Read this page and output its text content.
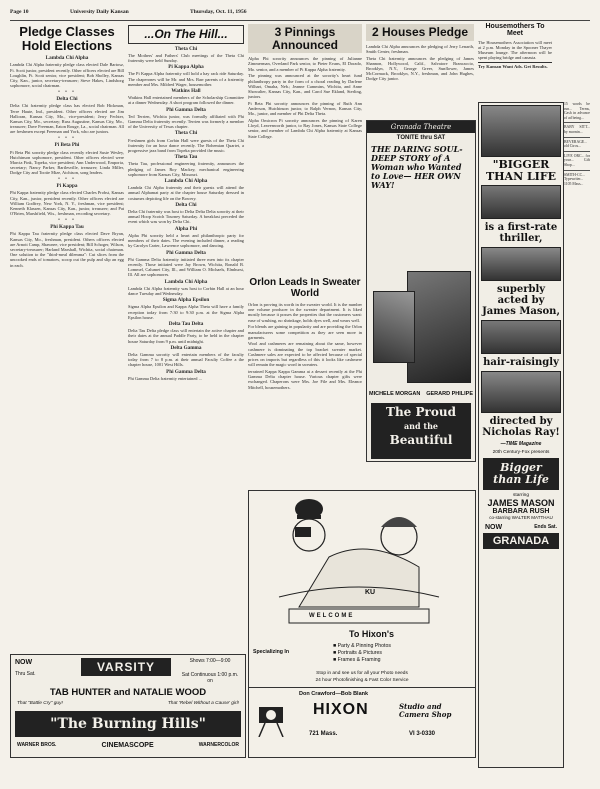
Page 10	University Daily Kansan	Thursday, Oct. 11, 1956
Pledge Classes Hold Elections
Lambda Chi Alpha

Lambda Chi Alpha fraternity pledge class elected Dale Bartosz, Ft. Scott junior, president recently. Other officers elected are Bill Loughlin, Ft. Scott senior, vice president; Bob Sholley, Kansas City, Kan., junior, secretary-treasurer; Steve Hakes, Lindsborg sophomore, social chairman.

• • •
Delta Chi

Delta Chi fraternity pledge class has elected Bob Hickman, Terre Haute, Ind., president. Other officers elected are Jim Halloran, Kansas City, Mo., vice-president; Jerry Fechter, Kansas City, Mo., secretary; Russ Augustine, Kansas City, Mo., treasurer; Dave Freeman, Eaton Rouge, La., social chairman. All are freshmen except Freeman and York, who are juniors.

• • •
Pi Beta Phi

Pi Beta Phi sorority pledge class recently elected Susie Wesley, Hutchinson sophomore, president. Other officers elected were Marcia Fink, Topeka, vice president; Ann Underwood, Emporia, secretary; Nancy Parker, Bartlesville, treasurer; Linda Miller, Dodge City and Tootie Mize, Atchison, song leaders.

• • •
Pi Kappa

Phi Kappa fraternity pledge class elected Charles Probst, Kansas City, Kan., junior, president recently. Other officers elected are William Godfrey, New York, N. Y., freshman, vice president; Kenneth Klassen, Kansas City, Kan., junior, treasurer; and Pat O'Brien, Marshfield, Wis., freshman, recording secretary.

• • •
Phi Kappa Tau

Phi Kappa Tau fraternity pledge class elected Dave Bryan, Kansas City, Mo., freshman, president. Others officers elected are Arnott Camp, Shawnee, vice president; Bill Schoger, Wilson, secretary-treasurer; Harland Marshall, Wichita, social chairman. One solution to the "third-meal dilemma": Cut slices from the uncooked ends of tomatoes, scoop out the pulp and slip an egg in each.

...On The Hill...
Theta Chi

The Mothers' and Fathers' Club meetings of the Theta Chi fraternity were held Sunday.

Pi Kappa Alpha

The Pi Kappa Alpha fraternity will hold a hay rack ride Saturday. The chaperones will be Mr. and Mrs. Barr parents of a fraternity member and Mrs. Mildred Wager, housemother.

Watkins Hall

Watkins Hall entertained members of the Scholarship Committee at a dinner Wednesday. A short program followed the dinner.

Phi Gamma Delta

Ted Terrien, Wichita junior, was formally affiliated with Phi Gamma Delta fraternity recently. Terrien was formerly a member of the University of Texas chapter.

Theta Chi

Freshmen girls from Corbin Hall were guests of the Theta Chi fraternity for an hour dance recently. The Bohemian Quartet, a progressive jazz band from Topeka provided the music.

Theta Tau

Theta Tau, professional engineering fraternity, announces the pledging of James Roy Mackey, mechanical engineering sophomore from Kansas City, Missouri.

Lambda Chi Alpha

Lambda Chi Alpha fraternity and their guests will attend the annual Alphamat party at the chapter house Saturday dressed in costumes depicting life on the Bowery.

Delta Chi

Delta Chi fraternity was host to Delta Delta Delta sorority at their annual Hoop Scotch Tourney Saturday. A breakfast preceded the event which was won by Delta Chi.

Alpha Phi

Alpha Phi sorority held a heart and philanthropic party for members of their dates. The evening included dinner, a reading by Carolyn Carter, Lawrence sophomore, and dancing.

Phi Gamma Delta

Phi Gamma Delta fraternity initiated three men into its chapter recently. Those initiated were Jay Brown, Wichita, Ronald B. Lommel, Calumet City, Ill., and William O. Michaels, Elmhurst, Ill. All are sophomores.

Lambda Chi Alpha

Lambda Chi Alpha fraternity was host to Corbin Hall at an hour dance Tuesday and Wednesday.

Sigma Alpha Epsilon

Sigma Alpha Epsilon and Kappa Alpha Theta will have a family reception today from 7:30 to 9:30 p.m. at the Sigma Alpha Epsilon house.

Delta Tau Delta

Delta Tau Delta pledge class will entertain the active chapter and their dates at the annual Paddle Party, to be held in the chapter house Saturday from 9 p.m. until midnight.

Delta Gamma

Delta Gamma sorority will entertain members of the faculty today from 7 to 8 p.m. at their annual Faculty Coffee a the chapter house, 1001 West Hills.

Phi Gamma Delta

Phi Gamma Delta fraternity entertained ...

3 Pinnings Announced

Alpha Phi sorority announces the pinning of Julianne Zimmerman, Overland Park senior, to Pieter Evans, El Dorado, Mo. senior, and a member of Pi Kappa Alpha fraternity.

The pinning was announced at the sorority's heart fund philanthropy party in the form of a choral reading by Darlene Wilhart, Omaha, Neb.; Jeanne Cummins, Wichita, and Anne Showalter, Kansas City, Kan., and Carol Sue Ekland, Sterling, juniors.

Pi Beta Phi sorority announces the pinning of Ruth Ann Anderson, Hutchinson junior, to Ralph Vernon, Kansas City, Mo., junior, and member of Phi Delta Theta.

Alpha Omicron Pi sorority announces the pinning of Karen Lloyd, Leavenworth junior, to Ray Jones, Kansas State College senior, and member of Lambda Chi Alpha fraternity at Kansas State College.

2 Houses Pledge

Lambda Chi Alpha announces the pledging of Jerry Lenarth, Smith Center, freshman.

Theta Chi fraternity announces the pledging of James Shannon, Hollywood, Calif., Salvatore Brancaccio, Brooklyn, N.Y., George Greer, Sunflower, James McCormack, Brooklyn, N.Y., freshman, and John Hughes, Dodge City junior.

Granada Theatre
TONITE thru SAT
THE DARING SOUL-DEEP STORY of A Woman who Wanted to Love— HER OWN WAY!
MICHELE MORGAN GERARD PHILIPE
The Proud
and the
Beautiful
Orlon Leads In Sweater World

Orlon is proving its worth in the sweater world. It is the number one volume producer in the sweater department. It is liked mostly because it posses the properties that the customers want: ease of washing, no shrinkage, holds dyes well, and wears well.

For blends are gaining in popularity and are providing the Orlon manufacturers some competition as they are seen more in garments.

Wool and cashmeres are remaining about the same, however cashmere is dominating the top bracket sweater market. Cashmere sales are expected to be affected because of special prices on imports but regardless of this it looks like cashmere will remain the magic word in sweaters.

terrained Kappa Kappa Gamma at a dessert recently at the Phi Gamma Delta chapter house. Various chapter gifts were exchanged. Chaperons were Mrs. Joe File and Mrs. Eleanor Mitchell, housemothers.

Housemothers To Meet

The Housemothers Association will meet at 2 p.m. Monday in the Spooner Thayer Museum lounge. The afternoon will be spent playing bridge and canasta.

Try Kansan Want Ads. Get Results.
"BIGGER THAN LIFE
is a first-rate thriller,
superbly acted by James Mason,
hair-raisingly
directed by Nicholas Ray!
—TIME Magazine
20th Century-Fox presents
Bigger than Life
starring
JAMES MASON
BARBARA RUSH
co-starring WALTER MATTHAU
NOW	Ends Sat.
GRANADA

15 words be run... Terms, Cash in advance of ad being...

BABY SITT... by mornin...

BEVERAGE... old Circu...

LIVE ORC... for your... Gift Shop...

SMITH-CC... Typewriter... 1105 Mass...

NOW
Thru Sat.	VARSITY	Shows 7:00—9:00
Sat Continuous 1:00 p.m. on
TAB HUNTER and NATALIE WOOD
That "Battle Cry" guy!	That 'Rebel Without a Cause' girl!
"The Burning Hills"
WARNER BROS.	CINEMASCOPE	WARNERCOLOR
KU
WELCOME
To Hixon's
Specializing In
■ Party & Pinning Photos
■ Portraits & Pictures
■ Frames & Framing
Stop in and see us for all your Photo needs
24 hour Photofinishing & Fast Color Service
Don Crawford—Bob Blank
HIXON	Studio and Camera Shop
721 Mass.	VI 3-0330
